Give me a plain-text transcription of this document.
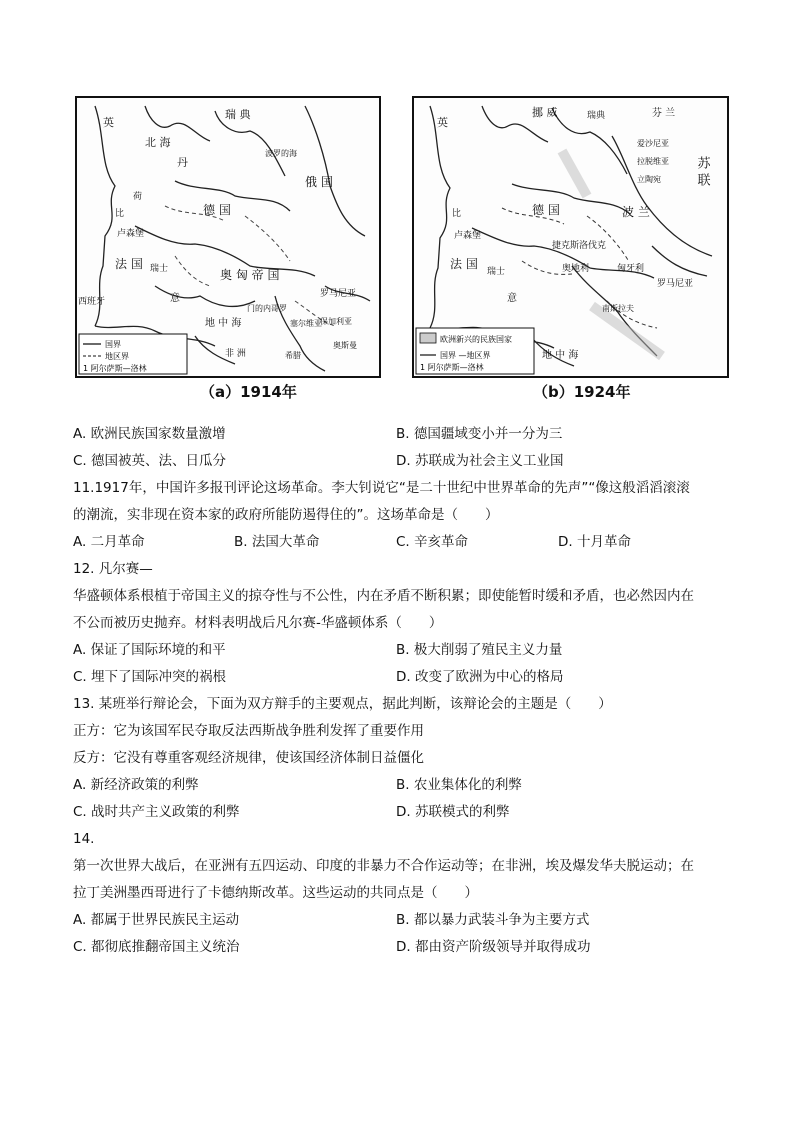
英
瑞 典
北 海
丹
俄 国
荷
德 国
比
卢森堡
法 国 瑞士	奥 匈 帝 国
意
西班牙
罗马尼亚
塞尔维亚
保加利亚
门的内哥罗
地 中 海
希腊
奥斯曼
非 洲
波罗的海
国界
地区界
1 阿尔萨斯—洛林
（a）1914年
英
挪 威	瑞典	芬 兰
爱沙尼亚
拉脱维亚
立陶宛	苏 联
德 国	波 兰
比
卢森堡
法 国
捷克斯洛伐克
奥地利	匈牙利
罗马尼亚
南斯拉夫
瑞士
意
地 中 海
欧洲新兴的民族国家
国界 —地区界
1 阿尔萨斯—洛林
（b）1924年
A. 欧洲民族国家数量激增	B. 德国疆域变小并一分为三
C. 德国被英、法、日瓜分	D. 苏联成为社会主义工业国
11.1917年，中国许多报刊评论这场革命。李大钊说它“是二十世纪中世界革命的先声”“像这般滔滔滚滚
的潮流，实非现在资本家的政府所能防遏得住的”。这场革命是（　　）
A. 二月革命	B. 法国大革命	C. 辛亥革命	D. 十月革命
12. 凡尔赛—
华盛顿体系根植于帝国主义的掠夺性与不公性，内在矛盾不断积累；即使能暂时缓和矛盾，也必然因内在
不公而被历史抛弃。材料表明战后凡尔赛-华盛顿体系（　　）
A. 保证了国际环境的和平	B. 极大削弱了殖民主义力量
C. 埋下了国际冲突的祸根	D. 改变了欧洲为中心的格局
13. 某班举行辩论会，下面为双方辩手的主要观点，据此判断，该辩论会的主题是（　　）
正方：它为该国军民夺取反法西斯战争胜利发挥了重要作用
反方：它没有尊重客观经济规律，使该国经济体制日益僵化
A. 新经济政策的利弊	B. 农业集体化的利弊
C. 战时共产主义政策的利弊	D. 苏联模式的利弊
14.
第一次世界大战后，在亚洲有五四运动、印度的非暴力不合作运动等；在非洲，埃及爆发华夫脱运动；在
拉丁美洲墨西哥进行了卡德纳斯改革。这些运动的共同点是（　　）
A. 都属于世界民族民主运动	B. 都以暴力武装斗争为主要方式
C. 都彻底推翻帝国主义统治	D. 都由资产阶级领导并取得成功
